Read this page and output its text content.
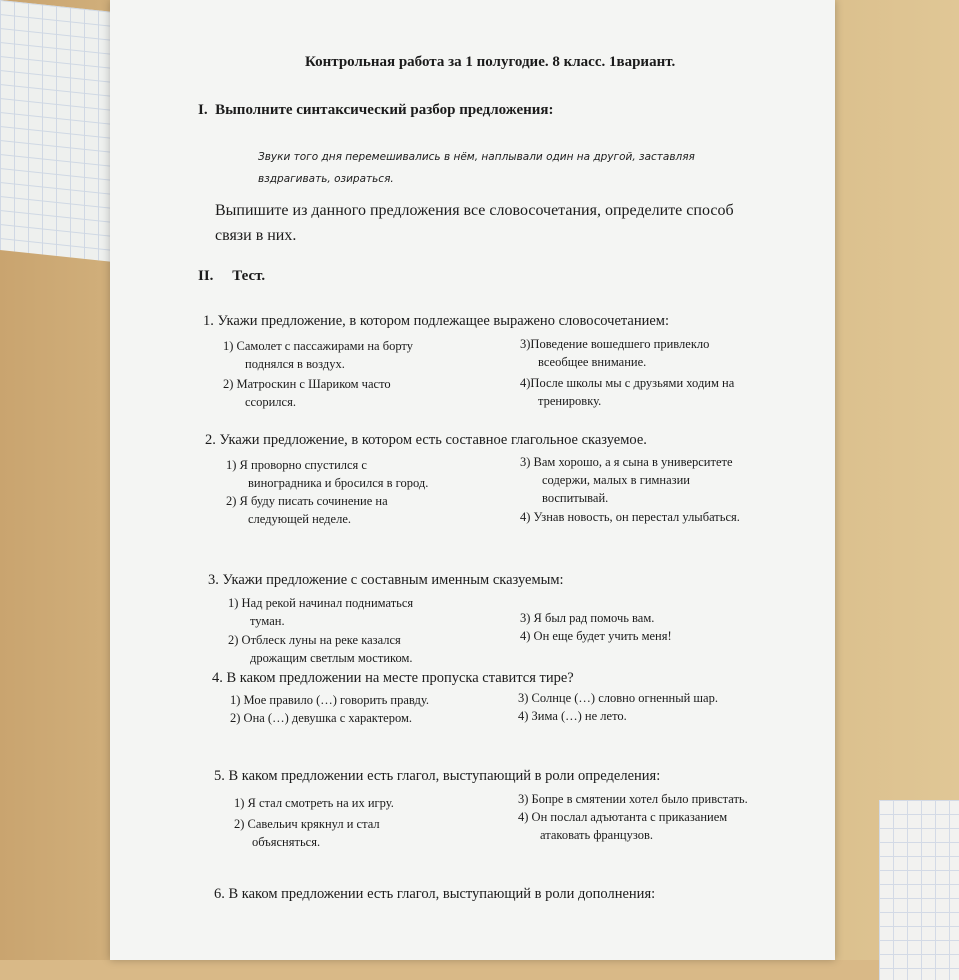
Контрольная работа за 1 полугодие. 8 класс. 1вариант.
I. Выполните синтаксический разбор предложения:
Звуки того дня перемешивались в нём, наплывали один на другой, заставляя
вздрагивать, озираться.
Выпишите из данного предложения все словосочетания, определите способ
связи в них.
II. Тест.
1. Укажи предложение, в котором подлежащее выражено словосочетанием:
1) Самолет с пассажирами на борту
поднялся в воздух.
2) Матроскин с Шариком часто
ссорился.
3)Поведение вошедшего привлекло
всеобщее внимание.
4)После школы мы с друзьями ходим на
тренировку.
2. Укажи предложение, в котором есть составное глагольное сказуемое.
1) Я проворно спустился с
виноградника и бросился в город.
2) Я буду писать сочинение на
следующей неделе.
3) Вам хорошо, а я сына в университете
содержи, малых в гимназии
воспитывай.
4) Узнав новость, он перестал улыбаться.
3. Укажи предложение с составным именным сказуемым:
1) Над рекой начинал подниматься
туман.
2) Отблеск луны на реке казался
дрожащим светлым мостиком.
3) Я был рад помочь вам.
4) Он еще будет учить меня!
4. В каком предложении на месте пропуска ставится тире?
1) Мое правило (…) говорить правду.
2) Она (…) девушка с характером.
3) Солнце (…) словно огненный шар.
4) Зима (…) не лето.
5. В каком предложении есть глагол, выступающий в роли определения:
1) Я стал смотреть на их игру.
2) Савельич крякнул и стал
объясняться.
3) Бопре в смятении хотел было привстать.
4) Он послал адъютанта с приказанием
атаковать французов.
6. В каком предложении есть глагол, выступающий в роли дополнения:
